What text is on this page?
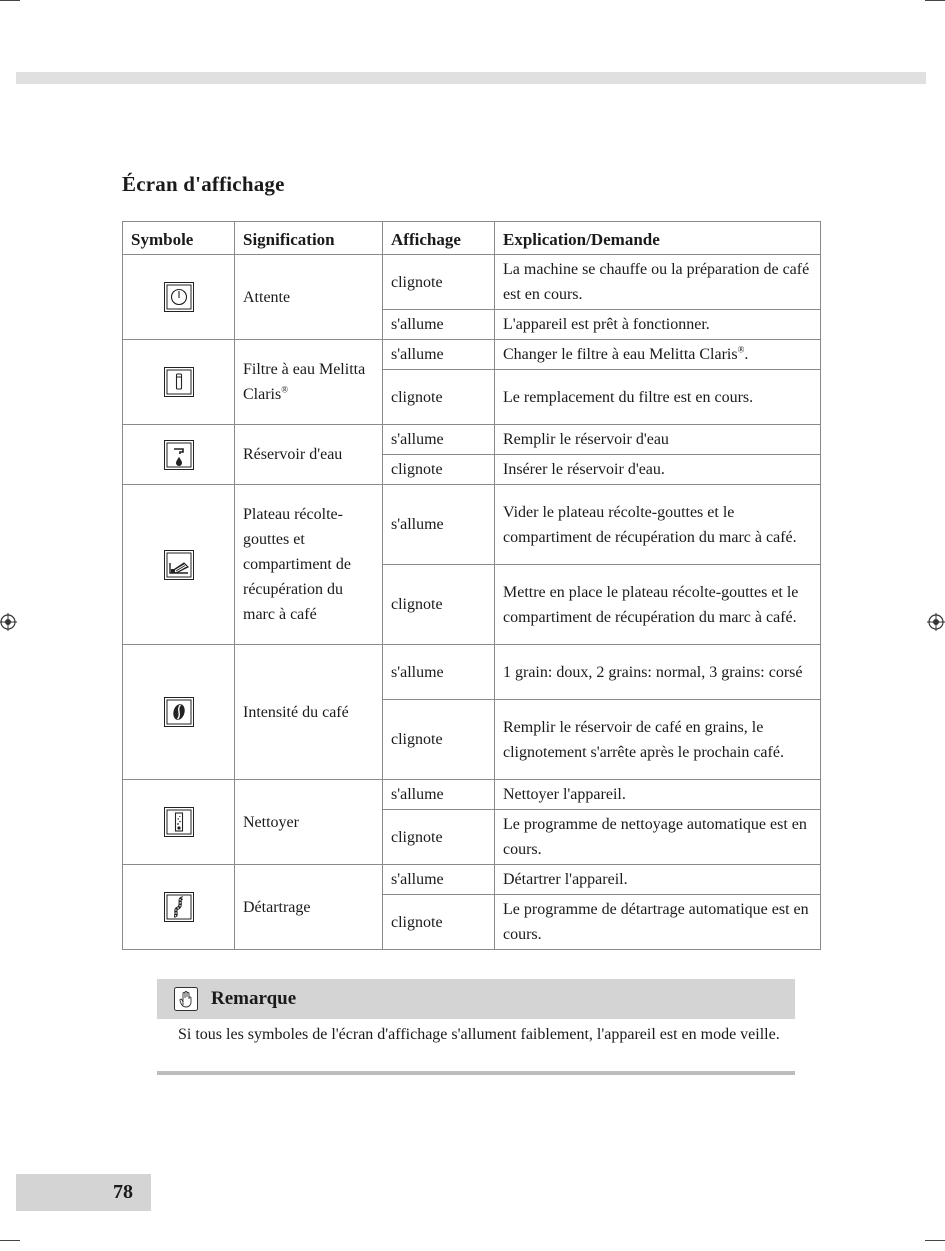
Écran d'affichage
Symbole	Signification	Affichage	Explication/Demande

	Attente	clignote	La machine se chauffe ou la préparation de café est en cours.
		s'allume	L'appareil est prêt à fonctionner.

	Filtre à eau Melitta Claris®	s'allume	Changer le filtre à eau Melitta Claris®.
		clignote	Le remplacement du filtre est en cours.

	Réservoir d'eau	s'allume	Remplir le réservoir d'eau
		clignote	Insérer le réservoir d'eau.

	Plateau récolte-gouttes et compartiment de récupération du marc à café	s'allume	Vider le plateau récolte-gouttes et le compartiment de récupération du marc à café.
		clignote	Mettre en place le plateau récolte-gouttes et le compartiment de récupération du marc à café.

	Intensité du café	s'allume	1 grain: doux, 2 grains: normal, 3 grains: corsé
		clignote	Remplir le réservoir de café en grains, le clignotement s'arrête après le prochain café.

	Nettoyer	s'allume	Nettoyer l'appareil.
		clignote	Le programme de nettoyage automatique est en cours.

	Détartrage	s'allume	Détartrer l'appareil.
		clignote	Le programme de détartrage automatique est en cours.
Remarque

Si tous les symboles de l'écran d'affichage s'allument faiblement, l'appareil est en mode veille.

78
